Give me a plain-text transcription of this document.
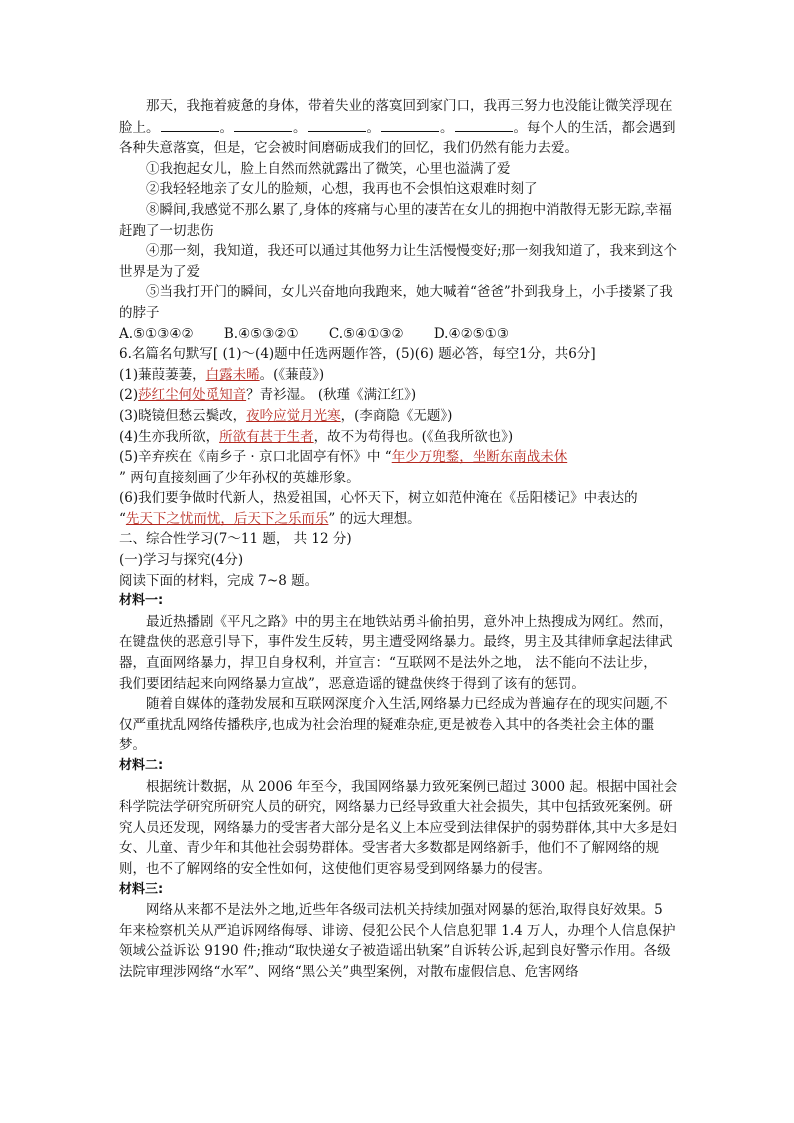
那天，我拖着疲惫的身体，带着失业的落寞回到家门口，我再三努力也没能让微笑浮现在脸上。	。	。	。	。	。每个人的生活，都会遇到各种失意落寞，但是，它会被时间磨砺成我们的回忆，我们仍然有能力去爱。

①我抱起女儿，脸上自然而然就露出了微笑，心里也溢满了爱

②我轻轻地亲了女儿的脸颊，心想，我再也不会惧怕这艰难时刻了

⑧瞬间,我感觉不那么累了,身体的疼痛与心里的凄苦在女儿的拥抱中消散得无影无踪,幸福赶跑了一切悲伤

④那一刻，我知道，我还可以通过其他努力让生活慢慢变好;那一刻我知道了，我来到这个世界是为了爱

⑤当我打开门的瞬间，女儿兴奋地向我跑来，她大喊着“爸爸”扑到我身上，小手搂紧了我的脖子

A.⑤①③④② B.④⑤③②① C.⑤④①③② D.④②⑤①③

6.名篇名句默写[ (1)～(4)题中任选两题作答，(5)(6) 题必答，每空1分，共6分]

(1)蒹葭萋萋，白露未晞。(《蒹葭》)

(2)莎红尘何处觅知音？青衫湿。 (秋瑾《满江红》)

(3)晓镜但愁云鬓改，夜吟应觉月光寒，(李商隐《无题》)

(4)生亦我所欲，所欲有甚于生者，故不为苟得也。(《鱼我所欲也》)

(5)辛弃疾在《南乡子 · 京口北固亭有怀》中 “年少万兜鍪，坐断东南战未休
” 两句直接刻画了少年孙权的英雄形象。

(6)我们要争做时代新人，热爱祖国，心怀天下，树立如范仲淹在《岳阳楼记》中表达的
“先天下之忧而忧，后天下之乐而乐” 的远大理想。

二、综合性学习(7～11 题， 共 12 分)

(一)学习与探究(4分)

阅读下面的材料，完成 7~8 题。

材料一:

最近热播剧《平凡之路》中的男主在地铁站勇斗偷拍男，意外冲上热搜成为网红。然而，在键盘侠的恶意引导下，事件发生反转，男主遭受网络暴力。最终，男主及其律师拿起法律武器，直面网络暴力，捍卫自身权利，并宣言：“互联网不是法外之地， 法不能向不法让步，

我们要团结起来向网络暴力宣战”，恶意造谣的键盘侠终于得到了该有的惩罚。

随着自媒体的蓬勃发展和互联网深度介入生活,网络暴力已经成为普遍存在的现实问题,不仅严重扰乱网络传播秩序,也成为社会治理的疑难杂症,更是被卷入其中的各类社会主体的噩梦。

材料二:

根据统计数据，从 2006 年至今，我国网络暴力致死案例已超过 3000 起。根据中国社会科学院法学研究所研究人员的研究，网络暴力已经导致重大社会损失，其中包括致死案例。研究人员还发现，网络暴力的受害者大部分是名义上本应受到法律保护的弱势群体,其中大多是妇女、儿童、青少年和其他社会弱势群体。受害者大多数都是网络新手，他们不了解网络的规则，也不了解网络的安全性如何，这使他们更容易受到网络暴力的侵害。

材料三:

网络从来都不是法外之地,近些年各级司法机关持续加强对网暴的惩治,取得良好效果。5 年来检察机关从严追诉网络侮辱、诽谤、侵犯公民个人信息犯罪 1.4 万人，办理个人信息保护领域公益诉讼 9190 件;推动“取快递女子被造谣出轨案”自诉转公诉,起到良好警示作用。各级法院审理涉网络“水军”、网络“黑公关”典型案例，对散布虚假信息、危害网络
